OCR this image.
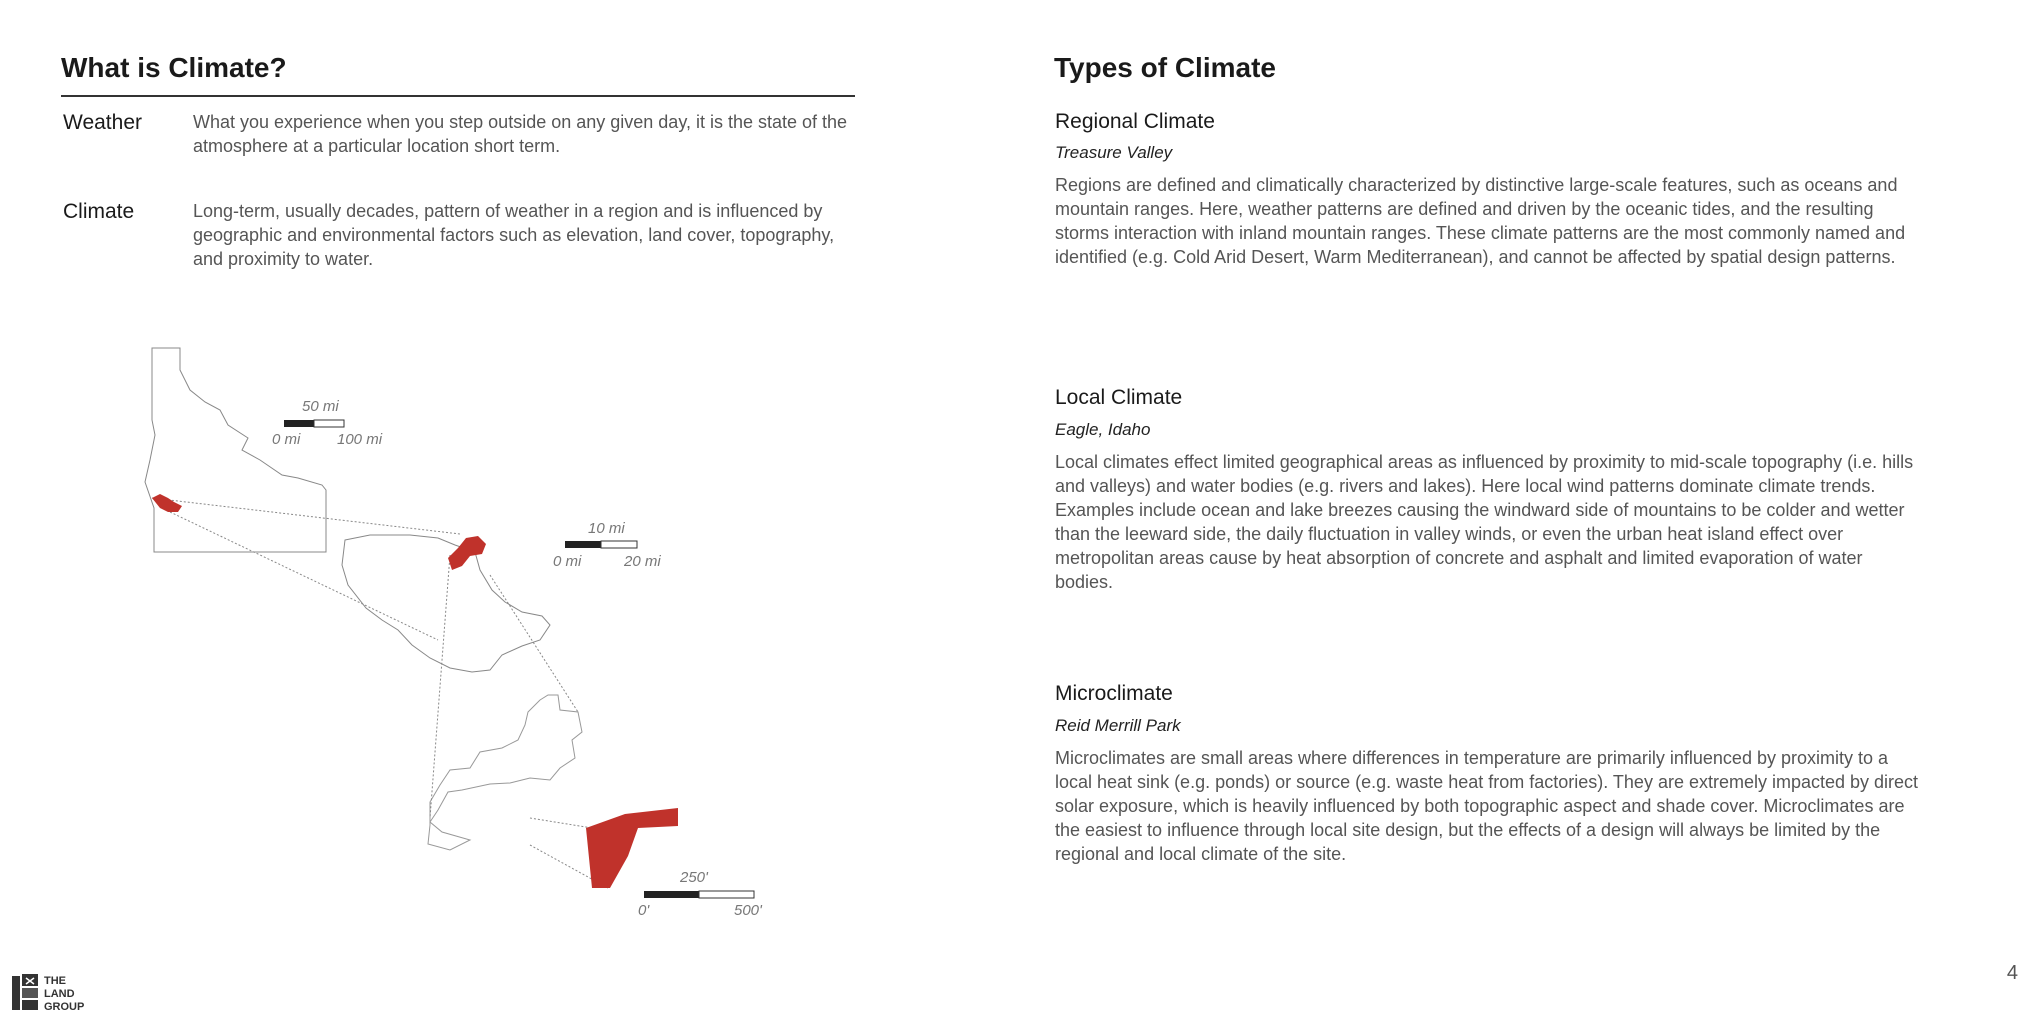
What is Climate?
Weather	What you experience when you step outside on any given day, it is the state of the atmosphere at a particular location short term.
Climate	Long-term, usually decades, pattern of weather in a region and is influenced by geographic and environmental factors such as elevation, land cover, topography, and proximity to water.
50 mi
0 mi 100 mi
10 mi
0 mi	20 mi
250'
0'	500'
Types of Climate
Regional Climate
Treasure Valley
Regions are defined and climatically characterized by distinctive large-scale features, such as oceans and mountain ranges. Here, weather patterns are defined and driven by the oceanic tides, and the resulting storms interaction with inland mountain ranges. These climate patterns are the most commonly named and identified (e.g. Cold Arid Desert, Warm Mediterranean), and cannot be affected by spatial design patterns.
Local Climate
Eagle, Idaho
Local climates effect limited geographical areas as influenced by proximity to mid-scale topography (i.e. hills and valleys) and water bodies (e.g. rivers and lakes). Here local wind patterns dominate climate trends. Examples include ocean and lake breezes causing the windward side of mountains to be colder and wetter than the leeward side, the daily fluctuation in valley winds, or even the urban heat island effect over metropolitan areas cause by heat absorption of concrete and asphalt and limited evaporation of water bodies.
Microclimate
Reid Merrill Park
Microclimates are small areas where differences in temperature are primarily influenced by proximity to a local heat sink (e.g. ponds) or source (e.g. waste heat from factories). They are extremely impacted by direct solar exposure, which is heavily influenced by both topographic aspect and shade cover. Microclimates are the easiest to influence through local site design, but the effects of a design will always be limited by the regional and local climate of the site.
THE
LAND
GROUP
4
